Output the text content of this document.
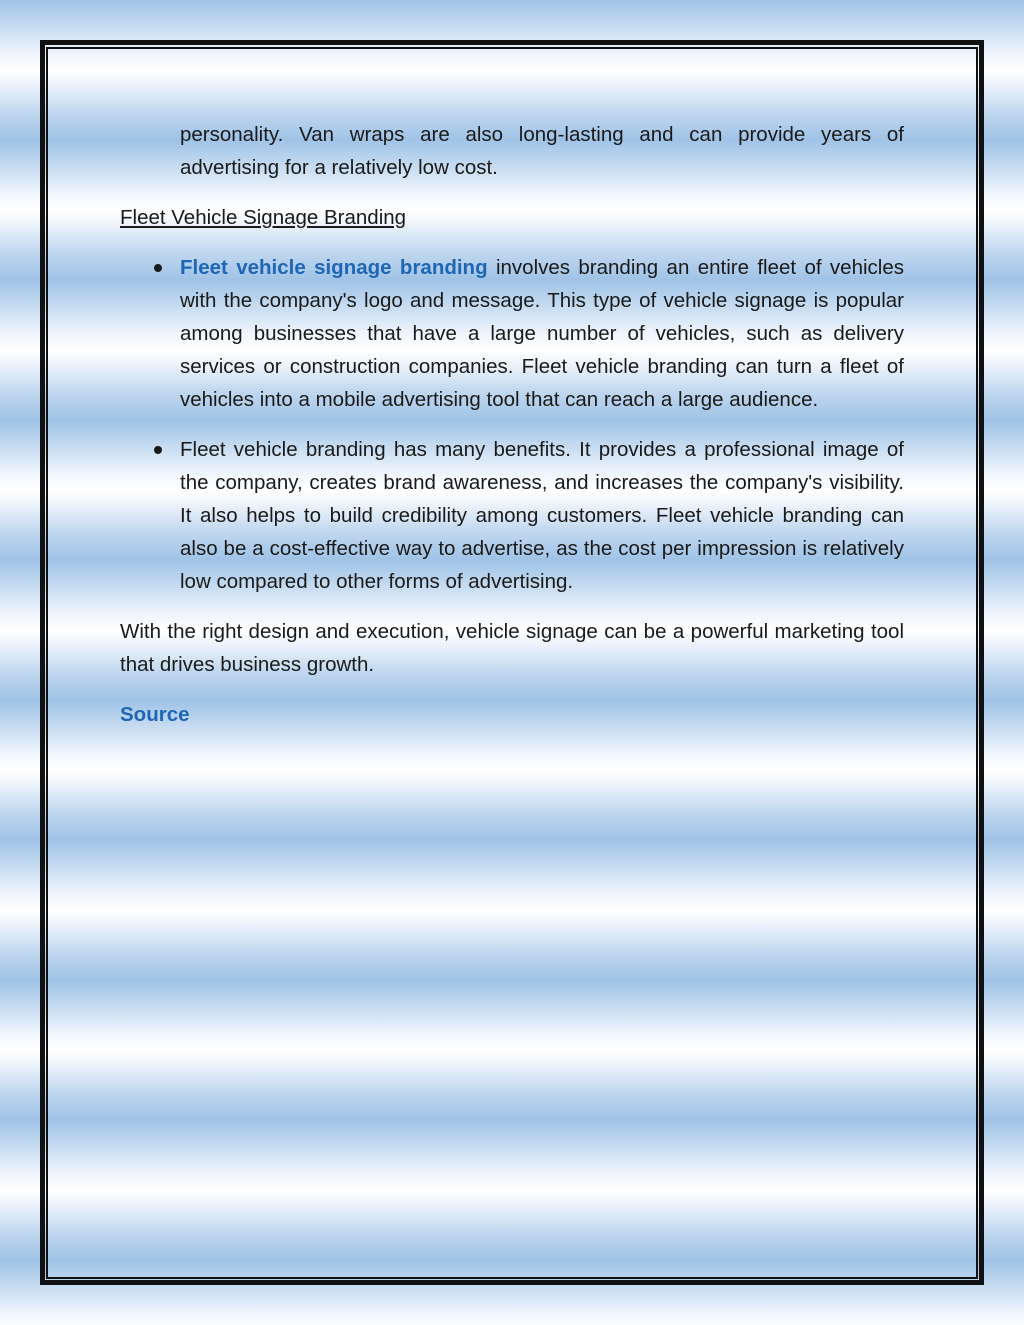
personality. Van wraps are also long-lasting and can provide years of advertising for a relatively low cost.

Fleet Vehicle Signage Branding

Fleet vehicle signage branding involves branding an entire fleet of vehicles with the company's logo and message. This type of vehicle signage is popular among businesses that have a large number of vehicles, such as delivery services or construction companies. Fleet vehicle branding can turn a fleet of vehicles into a mobile advertising tool that can reach a large audience.
Fleet vehicle branding has many benefits. It provides a professional image of the company, creates brand awareness, and increases the company's visibility. It also helps to build credibility among customers. Fleet vehicle branding can also be a cost-effective way to advertise, as the cost per impression is relatively low compared to other forms of advertising.

With the right design and execution, vehicle signage can be a powerful marketing tool that drives business growth.

Source
